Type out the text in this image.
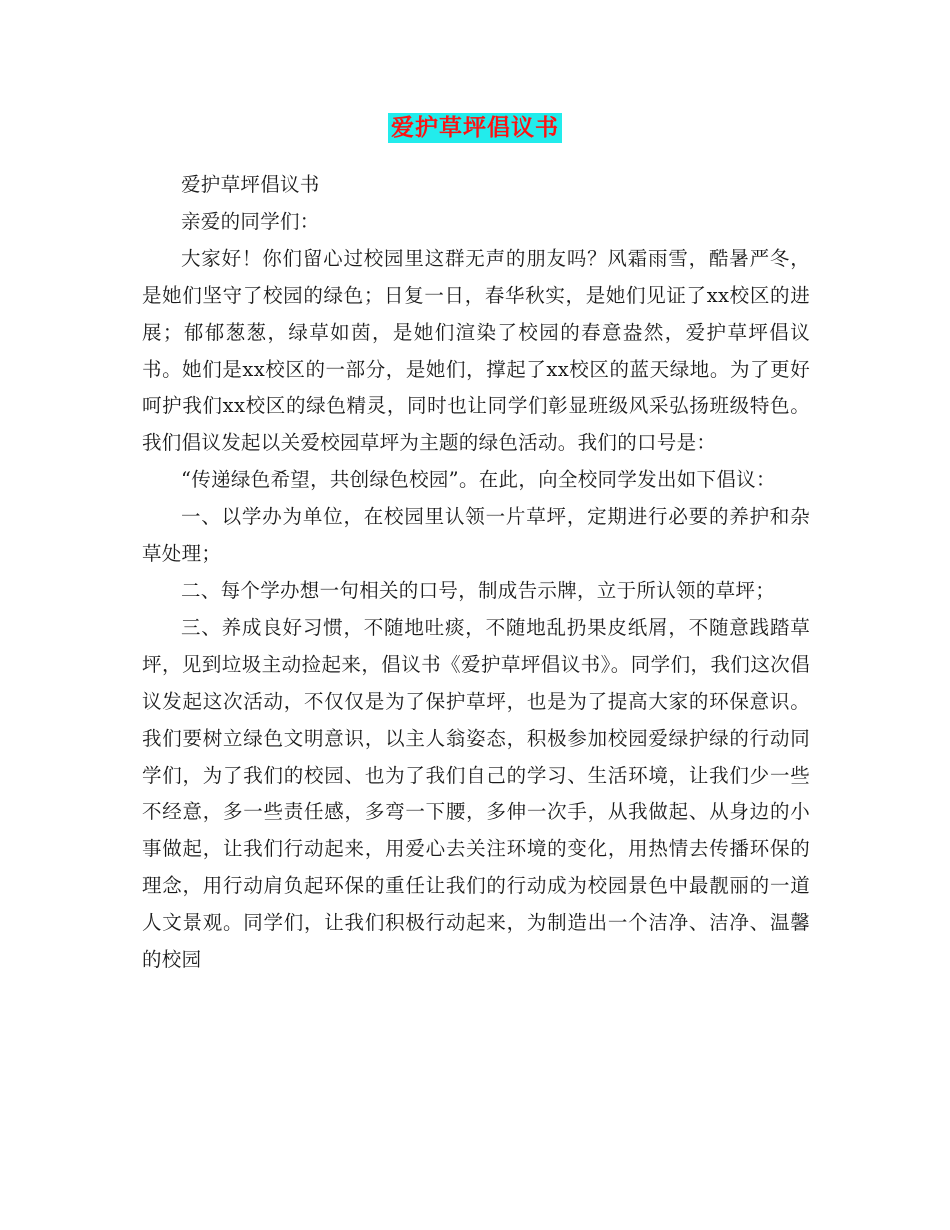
爱护草坪倡议书

爱护草坪倡议书

亲爱的同学们：

大家好！你们留心过校园里这群无声的朋友吗？风霜雨雪，酷暑严冬，是她们坚守了校园的绿色；日复一日，春华秋实，是她们见证了xx校区的进展；郁郁葱葱，绿草如茵，是她们渲染了校园的春意盎然，爱护草坪倡议书。她们是xx校区的一部分，是她们，撑起了xx校区的蓝天绿地。为了更好呵护我们xx校区的绿色精灵，同时也让同学们彰显班级风采弘扬班级特色。我们倡议发起以关爱校园草坪为主题的绿色活动。我们的口号是：

“传递绿色希望，共创绿色校园”。在此，向全校同学发出如下倡议：

一、以学办为单位，在校园里认领一片草坪，定期进行必要的养护和杂草处理；

二、每个学办想一句相关的口号，制成告示牌，立于所认领的草坪；

三、养成良好习惯，不随地吐痰，不随地乱扔果皮纸屑，不随意践踏草坪，见到垃圾主动捡起来，倡议书《爱护草坪倡议书》。同学们，我们这次倡议发起这次活动，不仅仅是为了保护草坪，也是为了提高大家的环保意识。我们要树立绿色文明意识，以主人翁姿态，积极参加校园爱绿护绿的行动同学们，为了我们的校园、也为了我们自己的学习、生活环境，让我们少一些不经意，多一些责任感，多弯一下腰，多伸一次手，从我做起、从身边的小事做起，让我们行动起来，用爱心去关注环境的变化，用热情去传播环保的理念，用行动肩负起环保的重任让我们的行动成为校园景色中最靓丽的一道人文景观。同学们，让我们积极行动起来，为制造出一个洁净、洁净、温馨的校园
